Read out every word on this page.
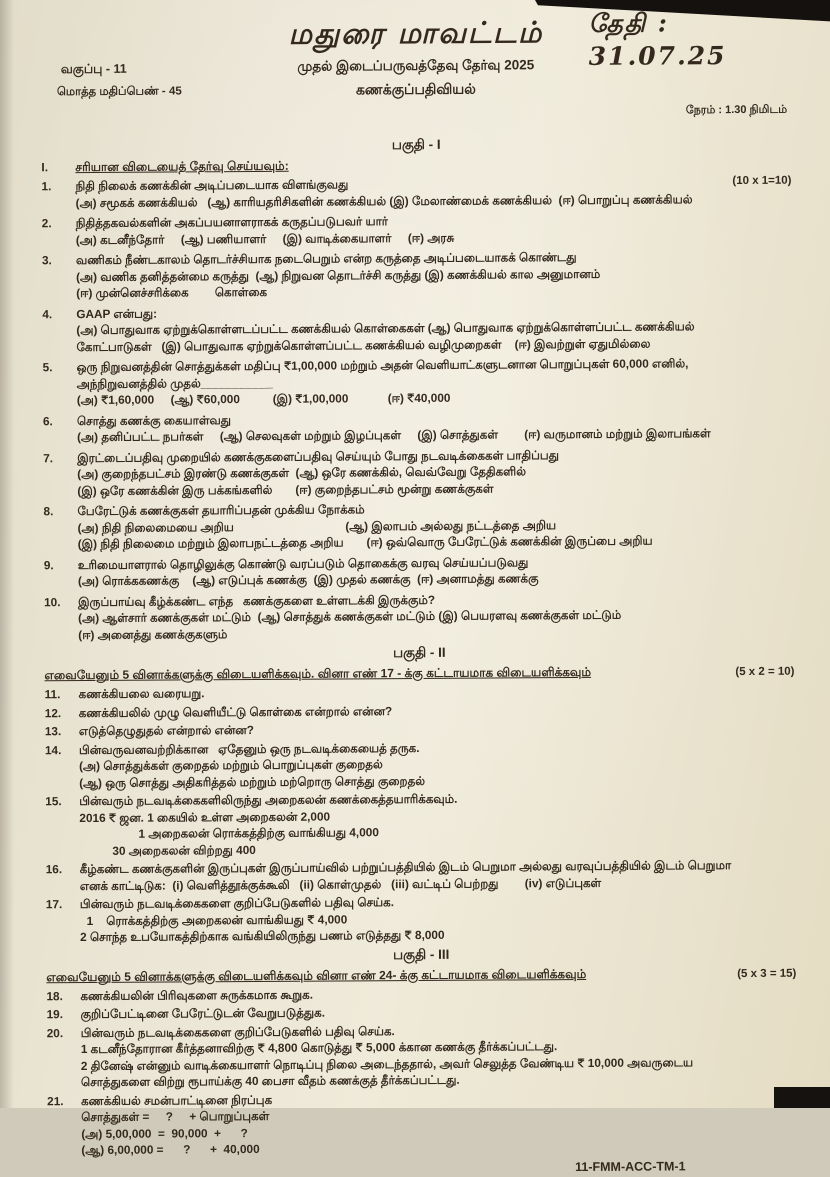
மதுரை மாவட்டம் தேதி : 31.07.25
முதல் இடைப்பருவத்தேவு தேர்வு 2025
கணக்குப்பதிவியல்
வகுப்பு - 11
மொத்த மதிப்பெண் - 45
நேரம் : 1.30 நிமிடம்
பகுதி - I
I.	சரியான விடையைத் தேர்வு செய்யவும்:
(10 x 1=10)
1.	நிதி நிலைக் கணக்கின் அடிப்படையாக விளங்குவது
(அ) சமூகக் கணக்கியல்   (ஆ) காரியதரிசிகளின் கணக்கியல் (இ) மேலாண்மைக் கணக்கியல்  (ஈ) பொறுப்பு கணக்கியல்
2.	நிதித்தகவல்களின் அகப்பயனாளராகக் கருதப்படுபவர் யார்
(அ) கடனீந்தோர்     (ஆ) பணியாளர்     (இ) வாடிக்கையாளர்     (ஈ) அரசு
3.	வணிகம் நீண்டகாலம் தொடர்ச்சியாக நடைபெறும் என்ற கருத்தை அடிப்படையாகக் கொண்டது
(அ) வணிக தனித்தன்மை கருத்து  (ஆ) நிறுவன தொடர்ச்சி கருத்து (இ) கணக்கியல் கால அனுமானம்
(ஈ) முன்னெச்சரிக்கை        கொள்கை
4.	GAAP என்பது:
(அ) பொதுவாக ஏற்றுக்கொள்ளடப்பட்ட கணக்கியல் கொள்கைகள் (ஆ) பொதுவாக ஏற்றுக்கொள்ளப்பட்ட கணக்கியல்
கோட்பாடுகள்   (இ) பொதுவாக ஏற்றுக்கொள்ளப்பட்ட கணக்கியல் வழிமுறைகள்    (ஈ) இவற்றுள் ஏதுமில்லை
5.	ஒரு நிறுவனத்தின் சொத்துக்கள் மதிப்பு ₹1,00,000 மற்றும் அதன் வெளியாட்களுடனான பொறுப்புகள் 60,000 எனில்,
அந்நிறுவனத்தில் முதல்___________
(அ) ₹1,60,000     (ஆ) ₹60,000          (இ) ₹1,00,000            (ஈ) ₹40,000
6.	சொத்து கணக்கு கையாள்வது
(அ) தனிப்பட்ட நபர்கள்     (ஆ) செலவுகள் மற்றும் இழப்புகள்     (இ) சொத்துகள்        (ஈ) வருமானம் மற்றும் இலாபங்கள்
7.	இரட்டைப்பதிவு முறையில் கணக்குகளைப்பதிவு செய்யும் போது நடவடிக்கைகள் பாதிப்பது
(அ) குறைந்தபட்சம் இரண்டு கணக்குகள்  (ஆ) ஒரே கணக்கில், வெவ்வேறு தேதிகளில்
(இ) ஒரே கணக்கின் இரு பக்கங்களில்       (ஈ) குறைந்தபட்சம் மூன்று கணக்குகள்
8.	பேரேட்டுக் கணக்குகள் தயாரிப்பதன் முக்கிய நோக்கம்
(அ) நிதி நிலைமையை அறிய                                  (ஆ) இலாபம் அல்லது நட்டத்தை அறிய
(இ) நிதி நிலைமை மற்றும் இலாபநட்டத்தை அறிய       (ஈ) ஒவ்வொரு பேரேட்டுக் கணக்கின் இருப்பை அறிய
9.	உரிமையாளரால் தொழிலுக்கு கொண்டு வரப்படும் தொகைக்கு வரவு செய்யப்படுவது
(அ) ரொக்ககணக்கு    (ஆ) எடுப்புக் கணக்கு  (இ) முதல் கணக்கு  (ஈ) அனாமத்து கணக்கு
10.	இருப்பாய்வு கீழ்க்கண்ட எந்த   கணக்குகளை உள்ளடக்கி இருக்கும்?
(அ) ஆள்சார் கணக்குகள் மட்டும்  (ஆ) சொத்துக் கணக்குகள் மட்டும் (இ) பெயரளவு கணக்குகள் மட்டும்
(ஈ) அனைத்து கணக்குகளும்
பகுதி - II
எவையேனும் 5 வினாக்களுக்கு விடையளிக்கவும். வினா எண் 17 - க்கு கட்டாயமாக விடையளிக்கவும்	(5 x 2 = 10)
11.	கணக்கியலை வரையறு.
12.	கணக்கியலில் முழு வெளியீட்டு கொள்கை என்றால் என்ன?
13.	எடுத்தெழுதுதல் என்றால் என்ன?
14.	பின்வருவனவற்றிக்கான   ஏதேனும் ஒரு நடவடிக்கையைத் தருக.
(அ) சொத்துக்கள் குறைதல் மற்றும் பொறுப்புகள் குறைதல்
(ஆ) ஒரு சொத்து அதிகரித்தல் மற்றும் மற்றொரு சொத்து குறைதல்
15.	பின்வரும் நடவடிக்கைகளிலிருந்து அறைகலன் கணக்கைத்தயாரிக்கவும்.
2016 ₹ ஜன. 1 கையில் உள்ள அறைகலன் 2,000
1 அறைகலன் ரொக்கத்திற்கு வாங்கியது 4,000
30 அறைகலன் விற்றது 400
16.	கீழ்கண்ட கணக்குகளின் இருப்புகள் இருப்பாய்வில் பற்றுப்பத்தியில் இடம் பெறுமா அல்லது வரவுப்பத்தியில் இடம் பெறுமா
எனக் காட்டிடுக:  (i) வெளித்தூக்குக்கூலி   (ii) கொள்முதல்   (iii) வட்டிப் பெற்றது        (iv) எடுப்புகள்
17.	பின்வரும் நடவடிக்கைகளை குறிப்பேடுகளில் பதிவு செய்க.
1    ரொக்கத்திற்கு அறைகலன் வாங்கியது ₹ 4,000
2 சொந்த உபயோகத்திற்காக வங்கியிலிருந்து பணம் எடுத்தது ₹ 8,000
பகுதி - III
எவையேனும் 5 வினாக்களுக்கு விடையளிக்கவும் வினா எண் 24- க்கு கட்டாயமாக விடையளிக்கவும்	(5 x 3 = 15)
18.	கணக்கியலின் பிரிவுகளை சுருக்கமாக கூறுக.
19.	குறிப்பேட்டினை பேரேட்டுடன் வேறுபடுத்துக.
20.	பின்வரும் நடவடிக்கைகளை குறிப்பேடுகளில் பதிவு செய்க.
1 கடனீந்தோரான கீர்த்தனாவிற்கு ₹ 4,800 கொடுத்து ₹ 5,000 க்கான கணக்கு தீர்க்கப்பட்டது.
2 தினேஷ் என்னும் வாடிக்கையாளர் நொடிப்பு நிலை அடைந்ததால், அவர் செலுத்த வேண்டிய ₹ 10,000 அவருடைய
சொத்துகளை விற்று ரூபாய்க்கு 40 பைசா வீதம் கணக்குத் தீர்க்கப்பட்டது.
21.	கணக்கியல் சமன்பாட்டினை நிரப்புக
சொத்துகள் =     ?     + பொறுப்புகள்
(அ) 5,00,000  =  90,000  +      ?
(ஆ) 6,00,000 =      ?      +  40,000
11-FMM-ACC-TM-1
